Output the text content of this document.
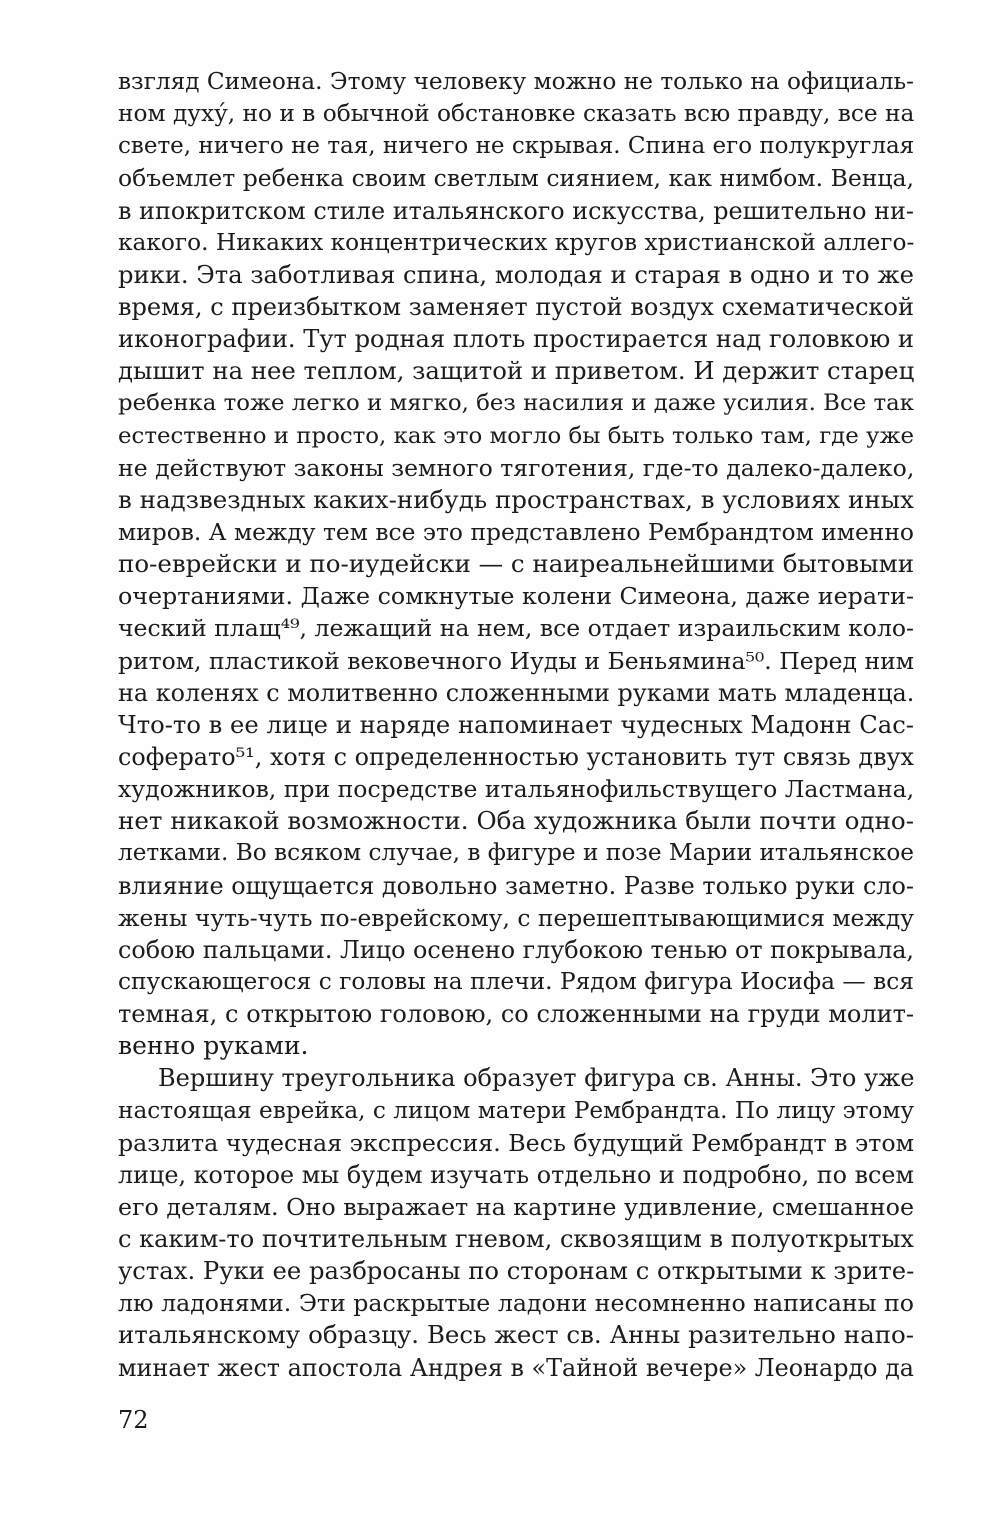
взгляд Симеона. Этому человеку можно не только на официаль-
ном духу́, но и в обычной обстановке сказать всю правду, все на
свете, ничего не тая, ничего не скрывая. Спина его полукруглая
объемлет ребенка своим светлым сиянием, как нимбом. Венца,
в ипокритском стиле итальянского искусства, решительно ни-
какого. Никаких концентрических кругов христианской аллего-
рики. Эта заботливая спина, молодая и старая в одно и то же
время, с преизбытком заменяет пустой воздух схематической
иконографии. Тут родная плоть простирается над головкою и
дышит на нее теплом, защитой и приветом. И держит старец
ребенка тоже легко и мягко, без насилия и даже усилия. Все так
естественно и просто, как это могло бы быть только там, где уже
не действуют законы земного тяготения, где-то далеко-далеко,
в надзвездных каких-нибудь пространствах, в условиях иных
миров. А между тем все это представлено Рембрандтом именно
по-еврейски и по-иудейски — с наиреальнейшими бытовыми
очертаниями. Даже сомкнутые колени Симеона, даже иерати-
ческий плащ⁴⁹, лежащий на нем, все отдает израильским коло-
ритом, пластикой вековечного Иуды и Беньямина⁵⁰. Перед ним
на коленях с молитвенно сложенными руками мать младенца.
Что-то в ее лице и наряде напоминает чудесных Мадонн Сас-
соферато⁵¹, хотя с определенностью установить тут связь двух
художников, при посредстве итальянофильствущего Ластмана,
нет никакой возможности. Оба художника были почти одно-
летками. Во всяком случае, в фигуре и позе Марии итальянское
влияние ощущается довольно заметно. Разве только руки сло-
жены чуть-чуть по-еврейскому, с перешептывающимися между
собою пальцами. Лицо осенено глубокою тенью от покрывала,
спускающегося с головы на плечи. Рядом фигура Иосифа — вся
темная, с открытою головою, со сложенными на груди молит-
венно руками.
Вершину треугольника образует фигура св. Анны. Это уже
настоящая еврейка, с лицом матери Рембрандта. По лицу этому
разлита чудесная экспрессия. Весь будущий Рембрандт в этом
лице, которое мы будем изучать отдельно и подробно, по всем
его деталям. Оно выражает на картине удивление, смешанное
с каким-то почтительным гневом, сквозящим в полуоткрытых
устах. Руки ее разбросаны по сторонам с открытыми к зрите-
лю ладонями. Эти раскрытые ладони несомненно написаны по
итальянскому образцу. Весь жест св. Анны разительно напо-
минает жест апостола Андрея в «Тайной вечере» Леонардо да
72
